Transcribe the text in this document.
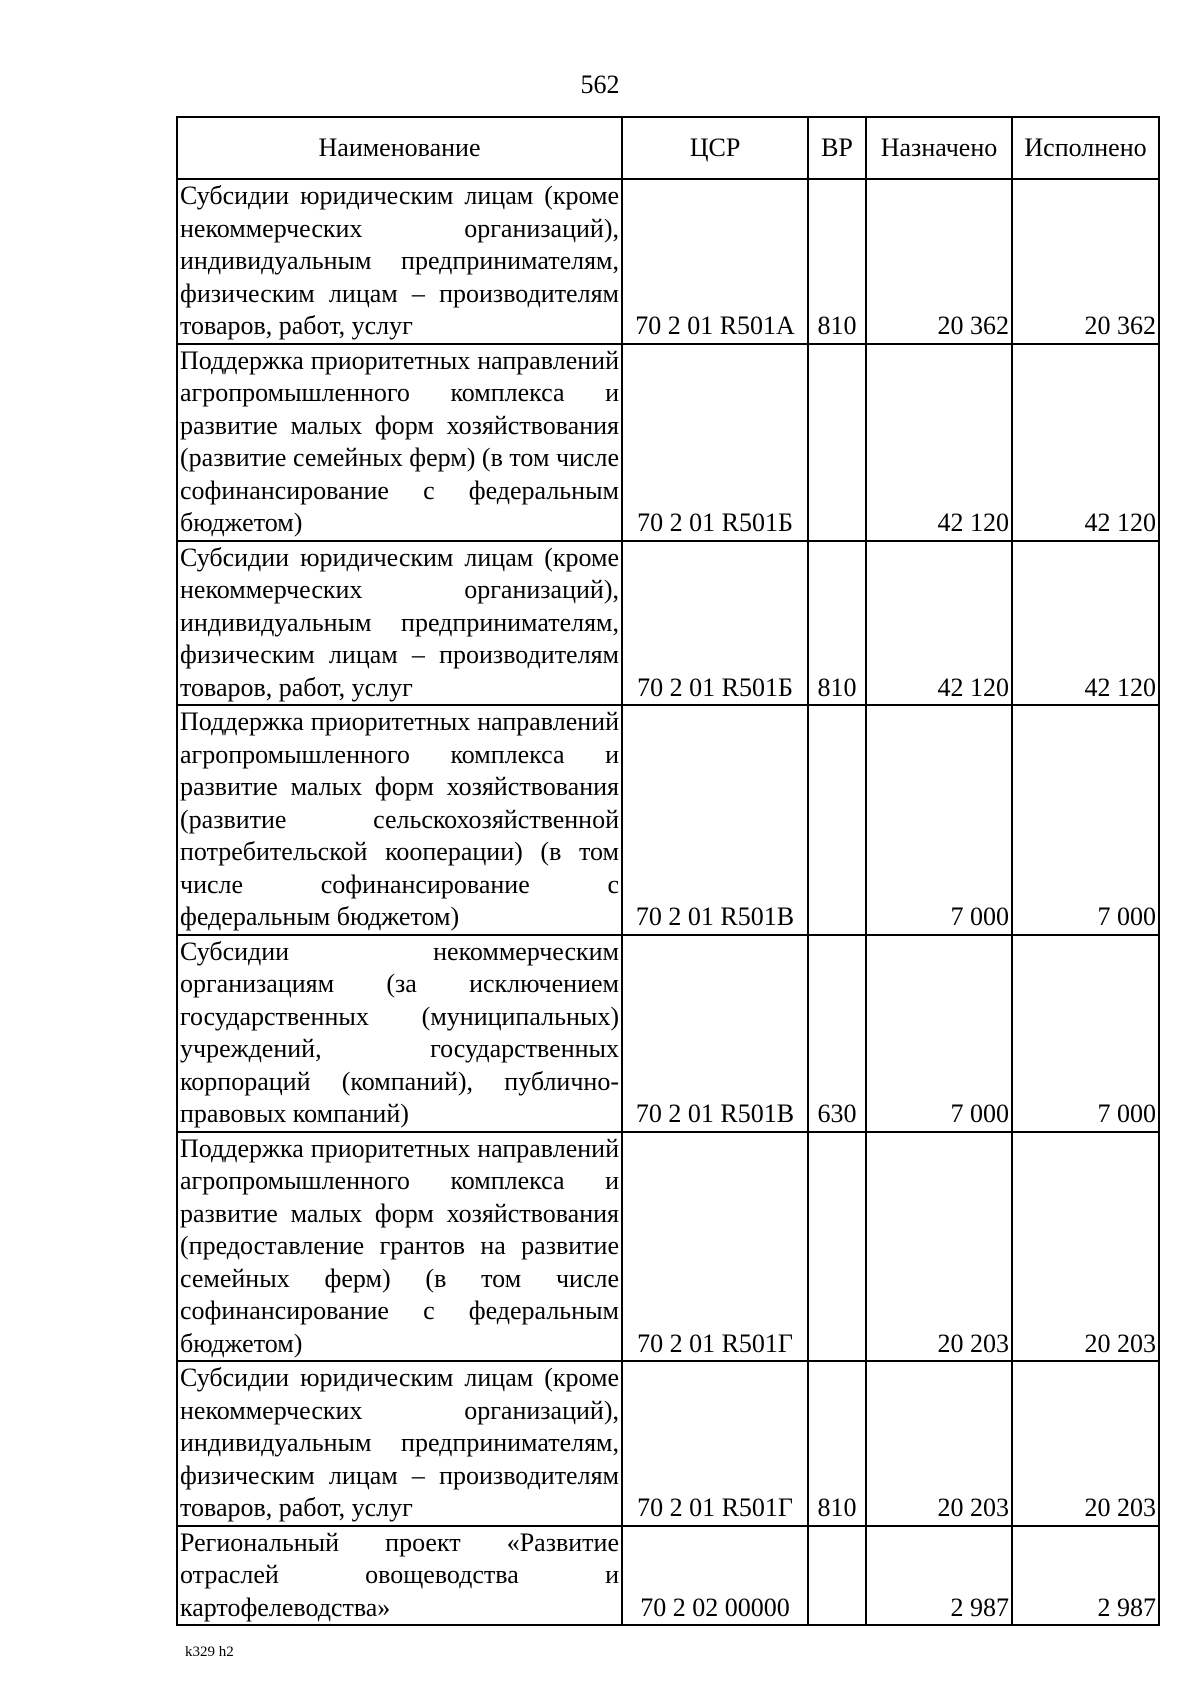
562
Наименование	ЦСР	ВР	Назначено	Исполнено
Субсидии юридическим лицам (кроме некоммерческих организаций), индивидуальным предпринимателям, физическим лицам – производителям товаров, работ, услуг	70 2 01 R501А	810	20 362	20 362
Поддержка приоритетных направлений агропромышленного комплекса и развитие малых форм хозяйствования (развитие семейных ферм) (в том числе софинансирование с федеральным бюджетом)	70 2 01 R501Б		42 120	42 120
Субсидии юридическим лицам (кроме некоммерческих организаций), индивидуальным предпринимателям, физическим лицам – производителям товаров, работ, услуг	70 2 01 R501Б	810	42 120	42 120
Поддержка приоритетных направлений агропромышленного комплекса и развитие малых форм хозяйствования (развитие сельскохозяйственной потребительской кооперации) (в том числе софинансирование с федеральным бюджетом)	70 2 01 R501В		7 000	7 000
Субсидии некоммерческим организациям (за исключением государственных (муниципальных) учреждений, государственных корпораций (компаний), публично-правовых компаний)	70 2 01 R501В	630	7 000	7 000
Поддержка приоритетных направлений агропромышленного комплекса и развитие малых форм хозяйствования (предоставление грантов на развитие семейных ферм) (в том числе софинансирование с федеральным бюджетом)	70 2 01 R501Г		20 203	20 203
Субсидии юридическим лицам (кроме некоммерческих организаций), индивидуальным предпринимателям, физическим лицам – производителям товаров, работ, услуг	70 2 01 R501Г	810	20 203	20 203
Региональный проект «Развитие отраслей овощеводства и картофелеводства»	70 2 02 00000		2 987	2 987
k329 h2
